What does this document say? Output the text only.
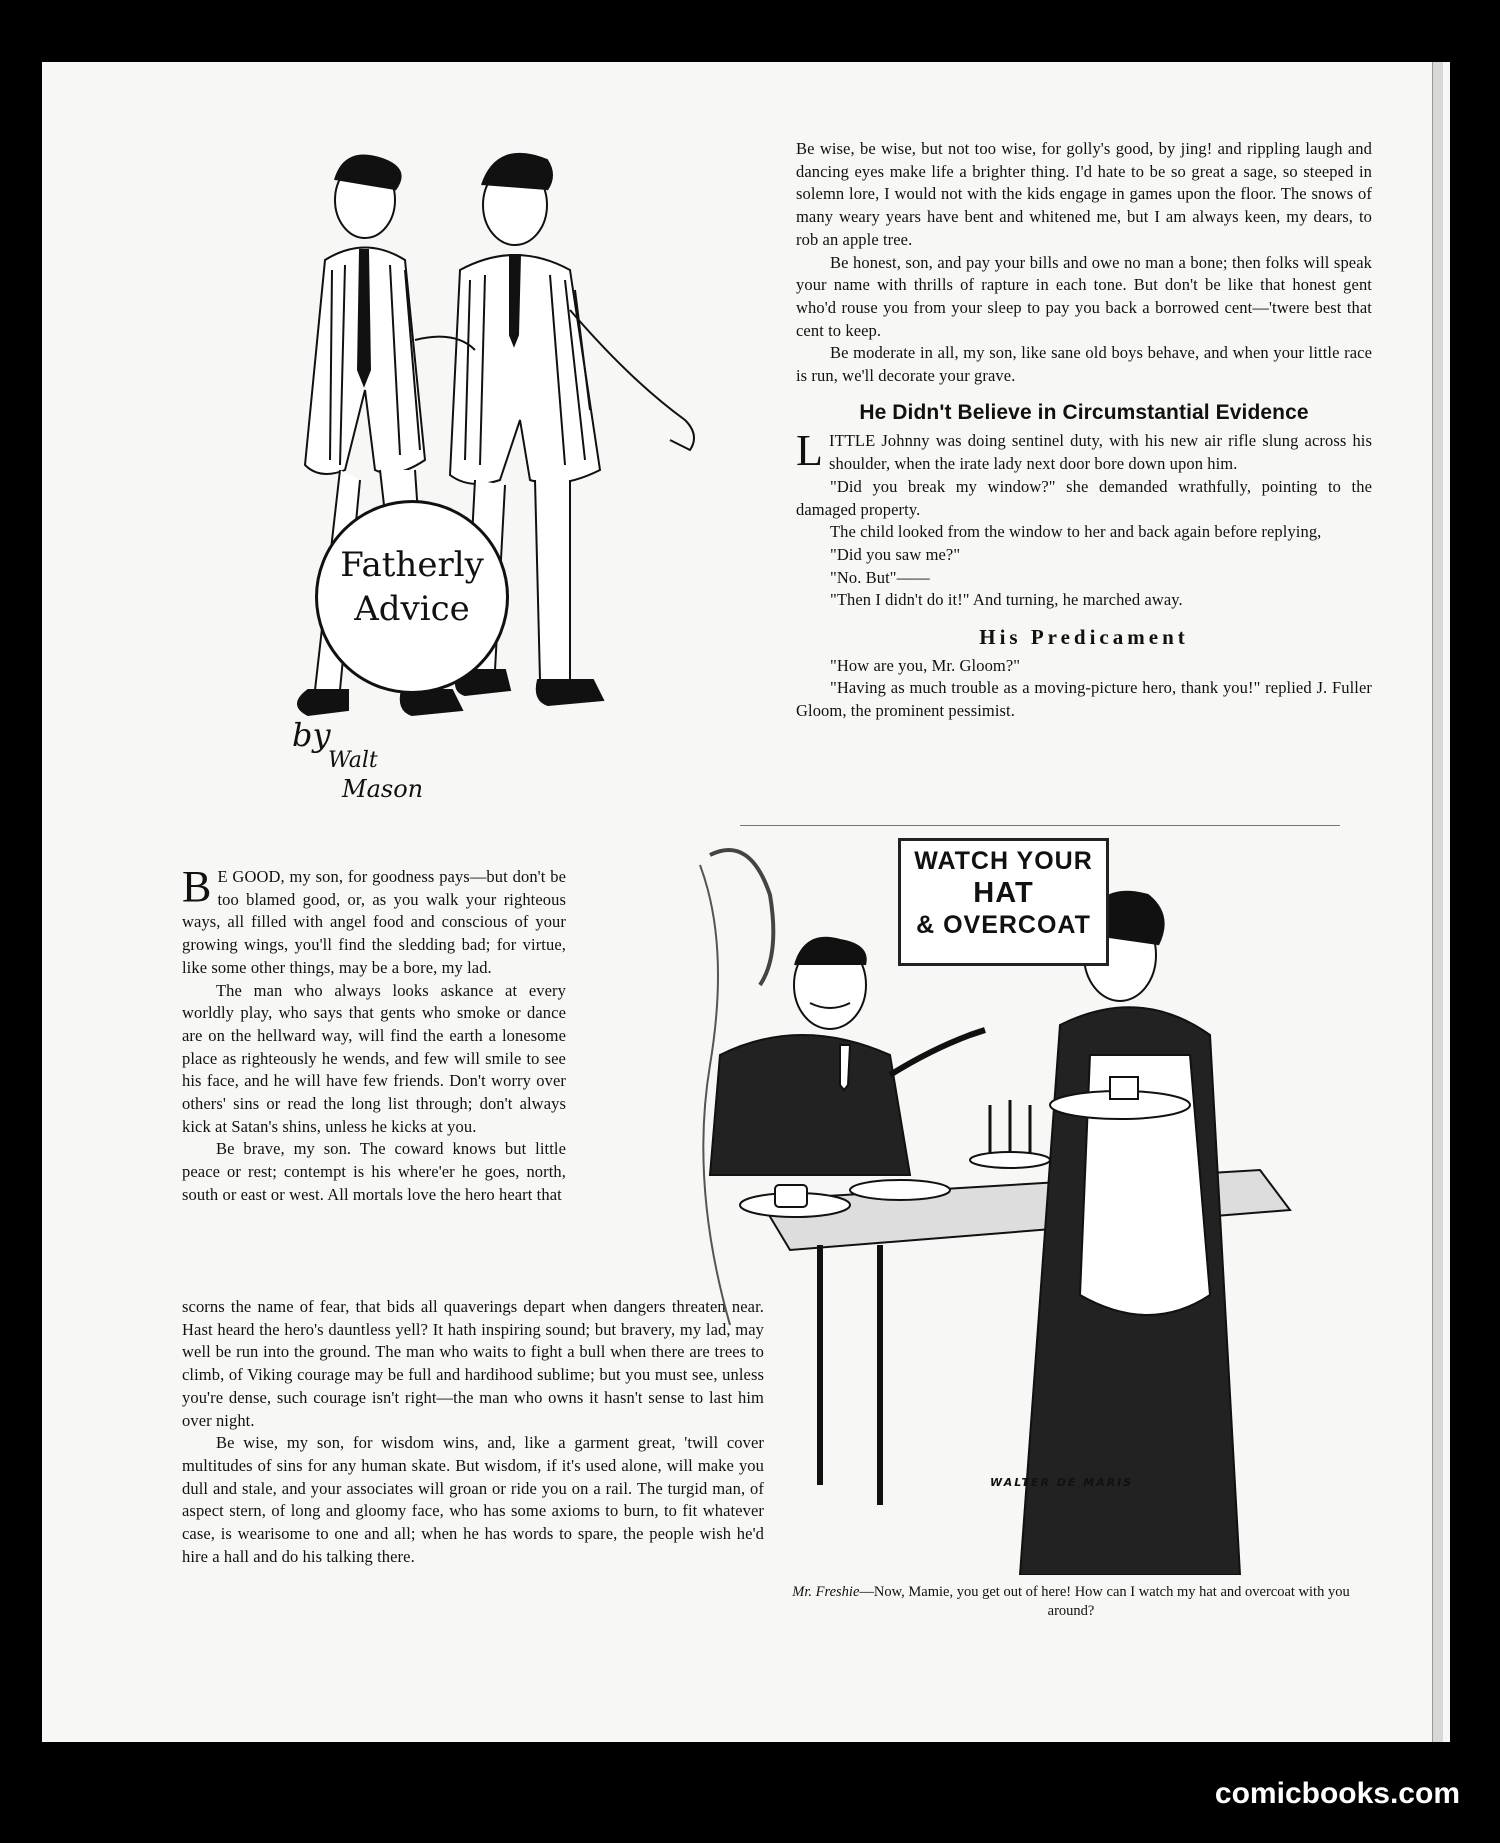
Fatherly
Advice
by
Walt
Mason

Be wise, be wise, but not too wise, for golly's good, by jing! and rippling laugh and dancing eyes make life a brighter thing. I'd hate to be so great a sage, so steeped in solemn lore, I would not with the kids engage in games upon the floor. The snows of many weary years have bent and whitened me, but I am always keen, my dears, to rob an apple tree.

Be honest, son, and pay your bills and owe no man a bone; then folks will speak your name with thrills of rapture in each tone. But don't be like that honest gent who'd rouse you from your sleep to pay you back a borrowed cent—'twere best that cent to keep.

Be moderate in all, my son, like sane old boys behave, and when your little race is run, we'll decorate your grave.

He Didn't Believe in Circumstantial Evidence

L ITTLE Johnny was doing sentinel duty, with his new air rifle slung across his shoulder, when the irate lady next door bore down upon him.

"Did you break my window?" she demanded wrathfully, pointing to the damaged property.

The child looked from the window to her and back again before replying,

"Did you saw me?"

"No. But"——

"Then I didn't do it!" And turning, he marched away.

His Predicament

"How are you, Mr. Gloom?"

"Having as much trouble as a moving-picture hero, thank you!" replied J. Fuller Gloom, the prominent pessimist.

B E GOOD, my son, for goodness pays—but don't be too blamed good, or, as you walk your righteous ways, all filled with angel food and conscious of your growing wings, you'll find the sledding bad; for virtue, like some other things, may be a bore, my lad.

The man who always looks askance at every worldly play, who says that gents who smoke or dance are on the hellward way, will find the earth a lonesome place as righteously he wends, and few will smile to see his face, and he will have few friends. Don't worry over others' sins or read the long list through; don't always kick at Satan's shins, unless he kicks at you.

Be brave, my son. The coward knows but little peace or rest; contempt is his where'er he goes, north, south or east or west. All mortals love the hero heart that

scorns the name of fear, that bids all quaverings depart when dangers threaten near. Hast heard the hero's dauntless yell? It hath inspiring sound; but bravery, my lad, may well be run into the ground. The man who waits to fight a bull when there are trees to climb, of Viking courage may be full and hardihood sublime; but you must see, unless you're dense, such courage isn't right—the man who owns it hasn't sense to last him over night.

Be wise, my son, for wisdom wins, and, like a garment great, 'twill cover multitudes of sins for any human skate. But wisdom, if it's used alone, will make you dull and stale, and your associates will groan or ride you on a rail. The turgid man, of aspect stern, of long and gloomy face, who has some axioms to burn, to fit whatever case, is wearisome to one and all; when he has words to spare, the people wish he'd hire a hall and do his talking there.

WATCH YOUR
HAT
& OVERCOAT
WALTER DE MARIS
Mr. Freshie—Now, Mamie, you get out of here! How can I watch my hat and overcoat with you around?
comicbooks.com
